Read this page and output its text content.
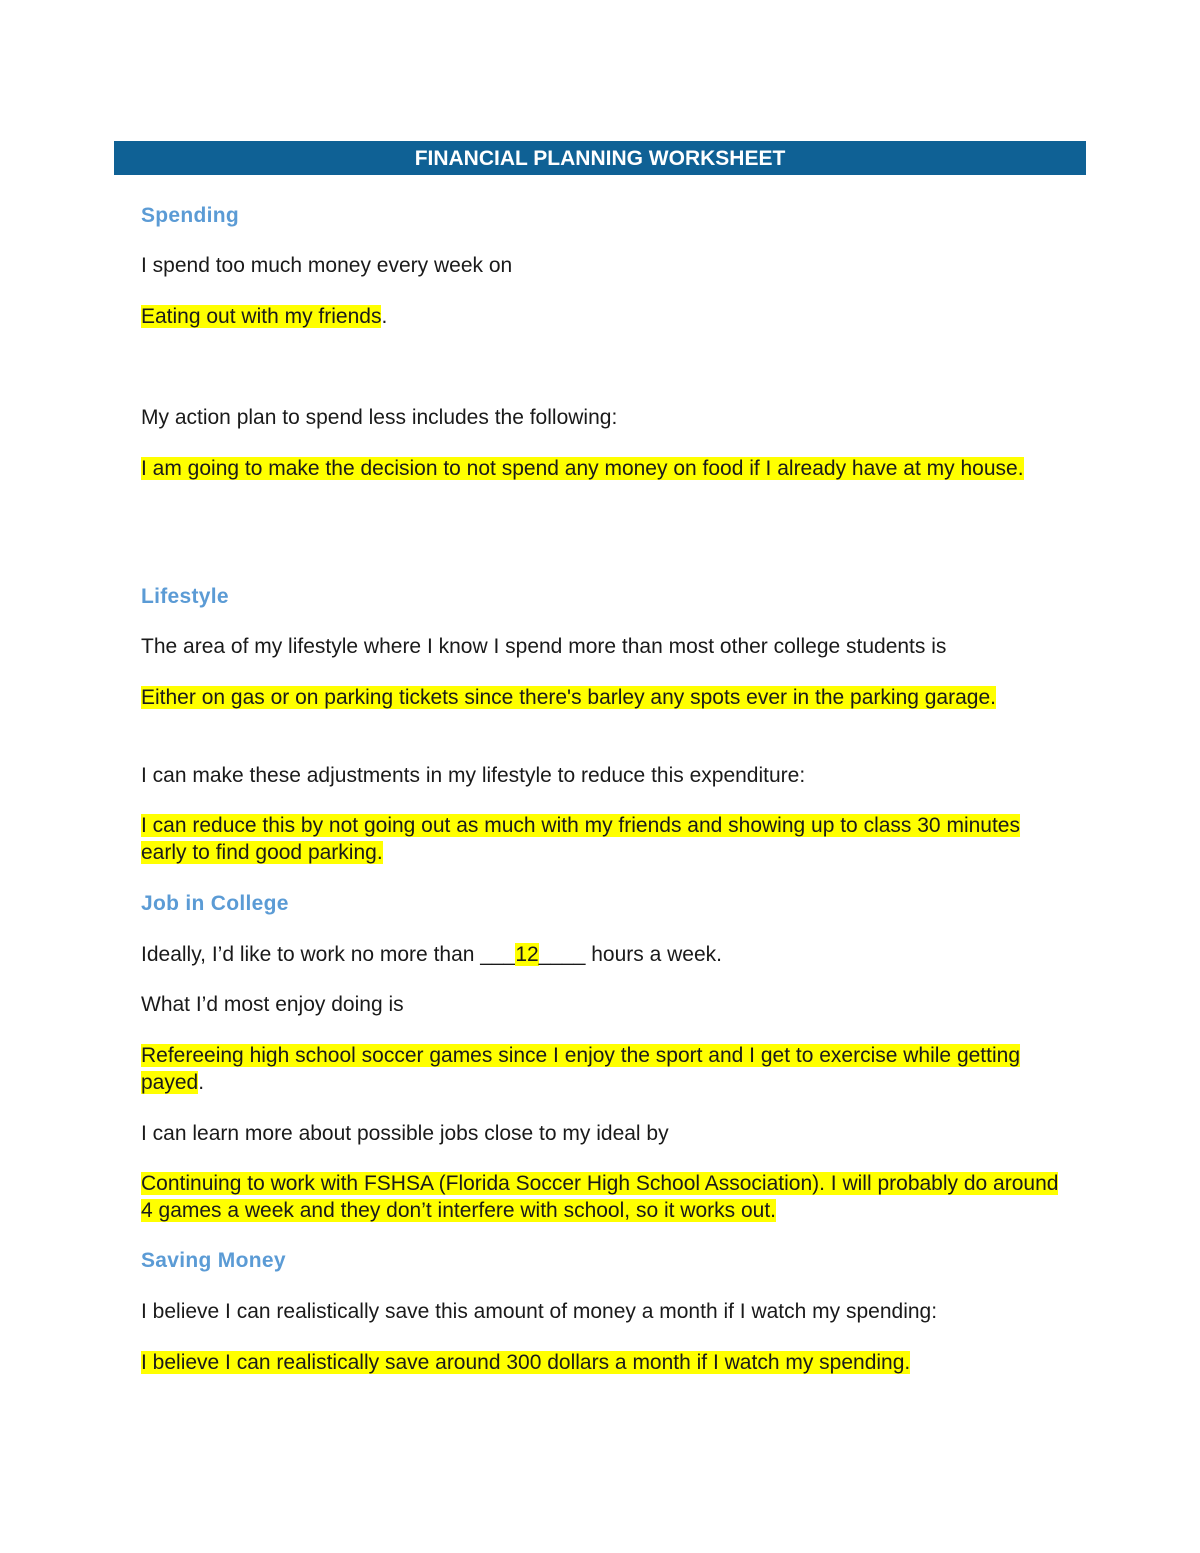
FINANCIAL PLANNING WORKSHEET

Spending

I spend too much money every week on

Eating out with my friends.

My action plan to spend less includes the following:

I am going to make the decision to not spend any money on food if I already have at my house.

Lifestyle

The area of my lifestyle where I know I spend more than most other college students is

Either on gas or on parking tickets since there's barley any spots ever in the parking garage.

I can make these adjustments in my lifestyle to reduce this expenditure:

I can reduce this by not going out as much with my friends and showing up to class 30 minutes early to find good parking.

Job in College

Ideally, I’d like to work no more than ___12____ hours a week.

What I’d most enjoy doing is

Refereeing high school soccer games since I enjoy the sport and I get to exercise while getting payed.

I can learn more about possible jobs close to my ideal by

Continuing to work with FSHSA (Florida Soccer High School Association). I will probably do around 4 games a week and they don’t interfere with school, so it works out.

Saving Money

I believe I can realistically save this amount of money a month if I watch my spending:

I believe I can realistically save around 300 dollars a month if I watch my spending.
